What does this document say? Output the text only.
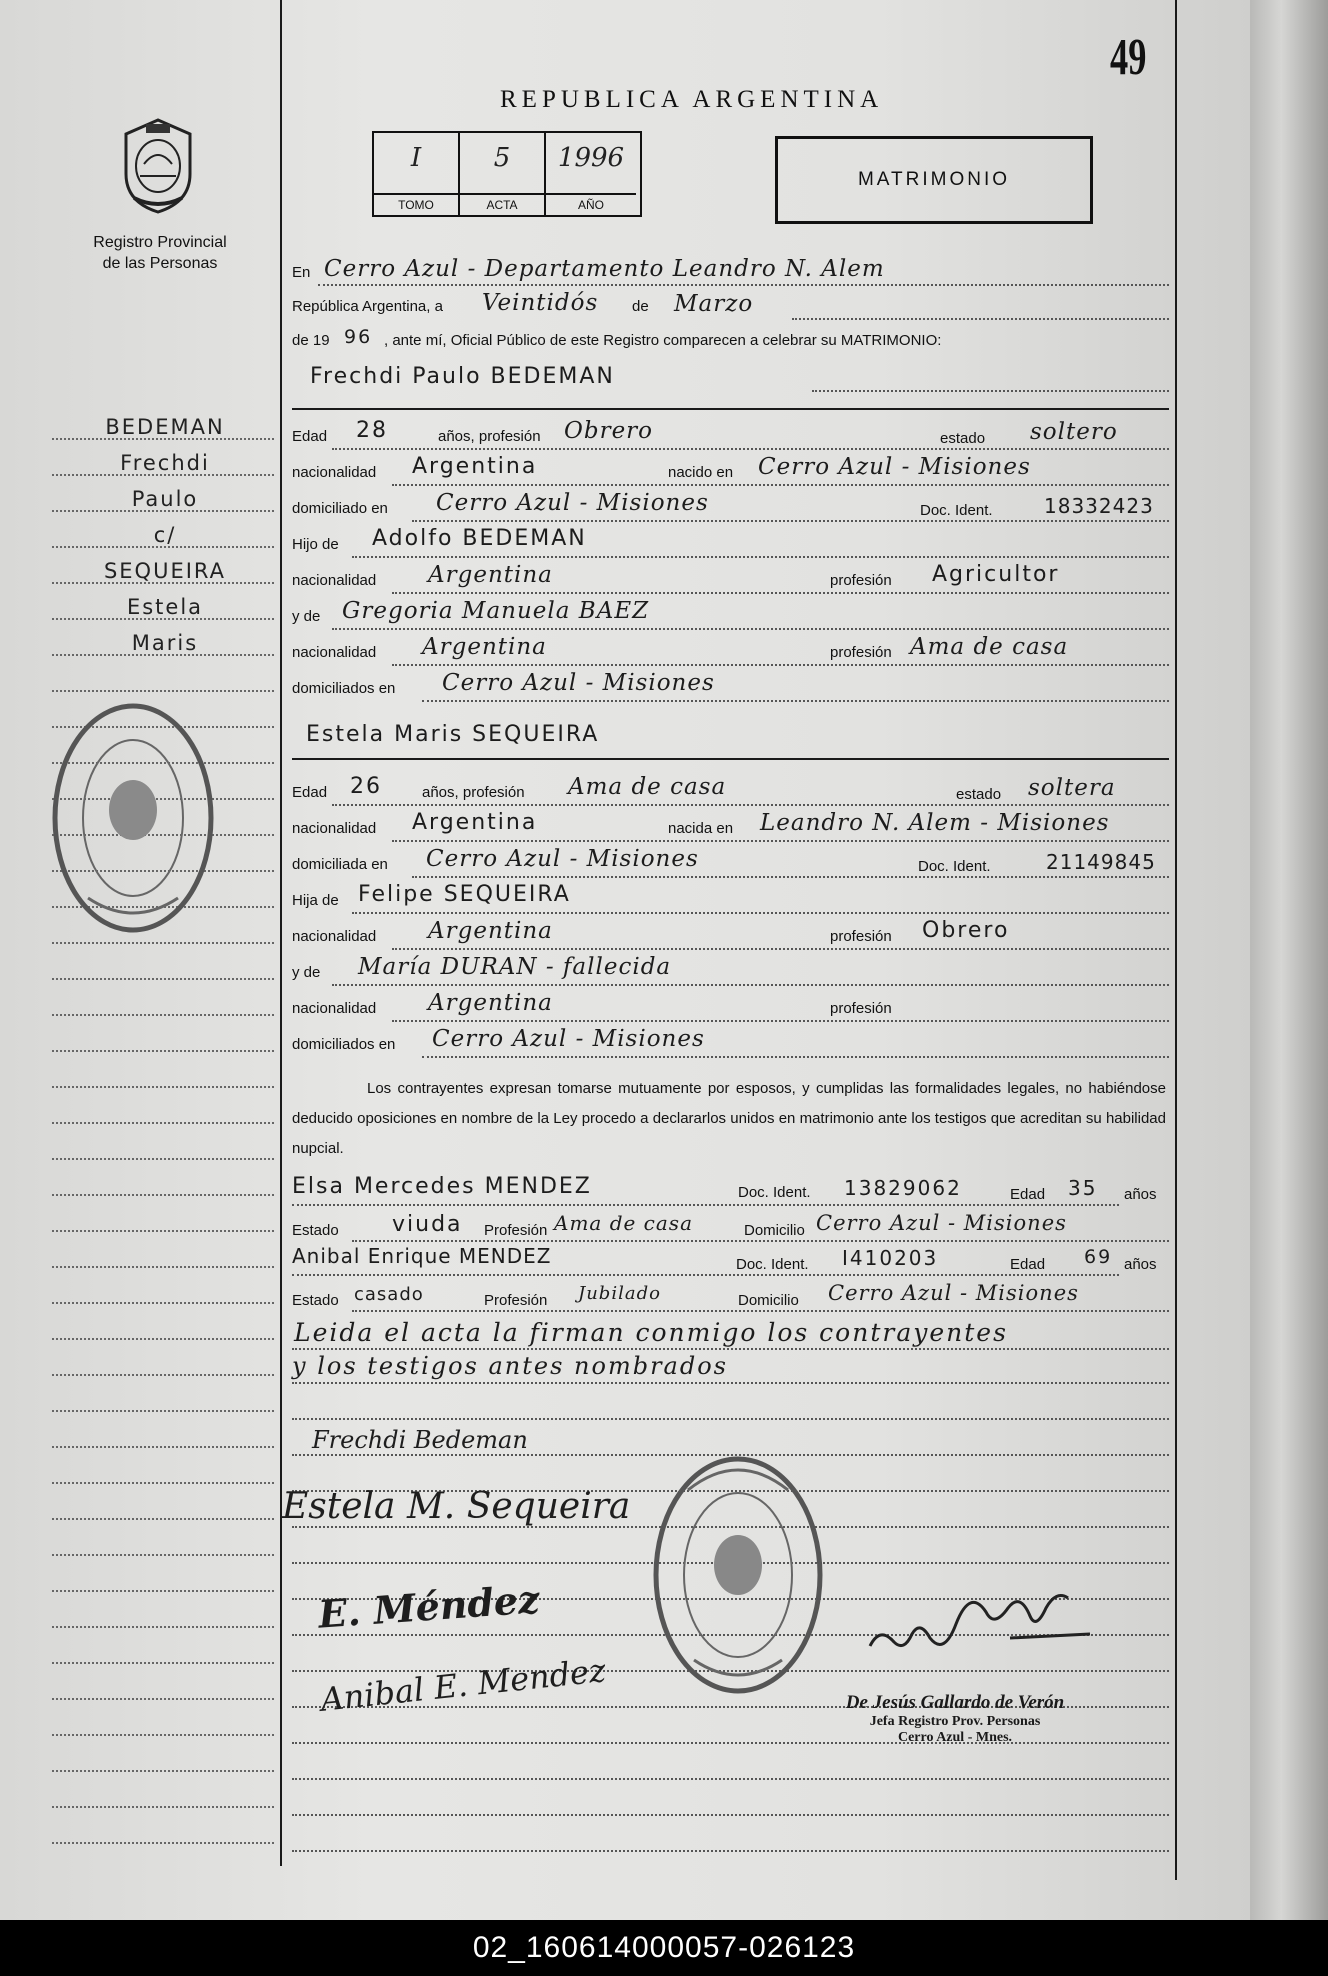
49
REPUBLICA ARGENTINA
I
TOMO
5
ACTA
1996
AÑO
MATRIMONIO
Registro Provincial
de las Personas
BEDEMAN
Frechdi
Paulo
c/
SEQUEIRA
Estela
Maris
En Cerro Azul - Departamento Leandro N. Alem
República Argentina, a Veintidós de Marzo
de 19 96 , ante mí, Oficial Público de este Registro comparecen a celebrar su MATRIMONIO:
Frechdi Paulo BEDEMAN
Edad 28	años, profesión Obrero	estado soltero
nacionalidad Argentina	nacido en Cerro Azul - Misiones
domiciliado en Cerro Azul - Misiones	Doc. Ident.	18332423
Hijo de Adolfo BEDEMAN
nacionalidad Argentina	profesión Agricultor
y de Gregoria Manuela BAEZ
nacionalidad Argentina	profesión Ama de casa
domiciliados en Cerro Azul - Misiones
Estela Maris SEQUEIRA
Edad 26	años, profesión Ama de casa	estado soltera
nacionalidad Argentina	nacida en Leandro N. Alem - Misiones
domiciliada en Cerro Azul - Misiones	Doc. Ident.	21149845
Hija de Felipe SEQUEIRA
nacionalidad Argentina	profesión Obrero
y de María DURAN - fallecida
nacionalidad Argentina	profesión
domiciliados en Cerro Azul - Misiones
Los contrayentes expresan tomarse mutuamente por esposos, y cumplidas las formalidades legales, no habiéndose deducido oposiciones en nombre de la Ley procedo a declararlos unidos en matrimonio ante los testigos que acreditan su habilidad nupcial.
Elsa Mercedes MENDEZ	Doc. Ident. 13829062	Edad 35 años
Estado viuda Profesión Ama de casa	Domicilio Cerro Azul - Misiones
Anibal Enrique MENDEZ	Doc. Ident. I410203	Edad 69 años
Estado casado	Profesión Jubilado	Domicilio Cerro Azul - Misiones
Leida el acta la firman conmigo los contrayentes
y los testigos antes nombrados
Frechdi Bedeman
Estela M. Sequeira
E. Méndez
Anibal E. Mendez	De Jesús Gallardo de Verón
Jefa Registro Prov. Personas
Cerro Azul - Mnes.
02_160614000057-026123
